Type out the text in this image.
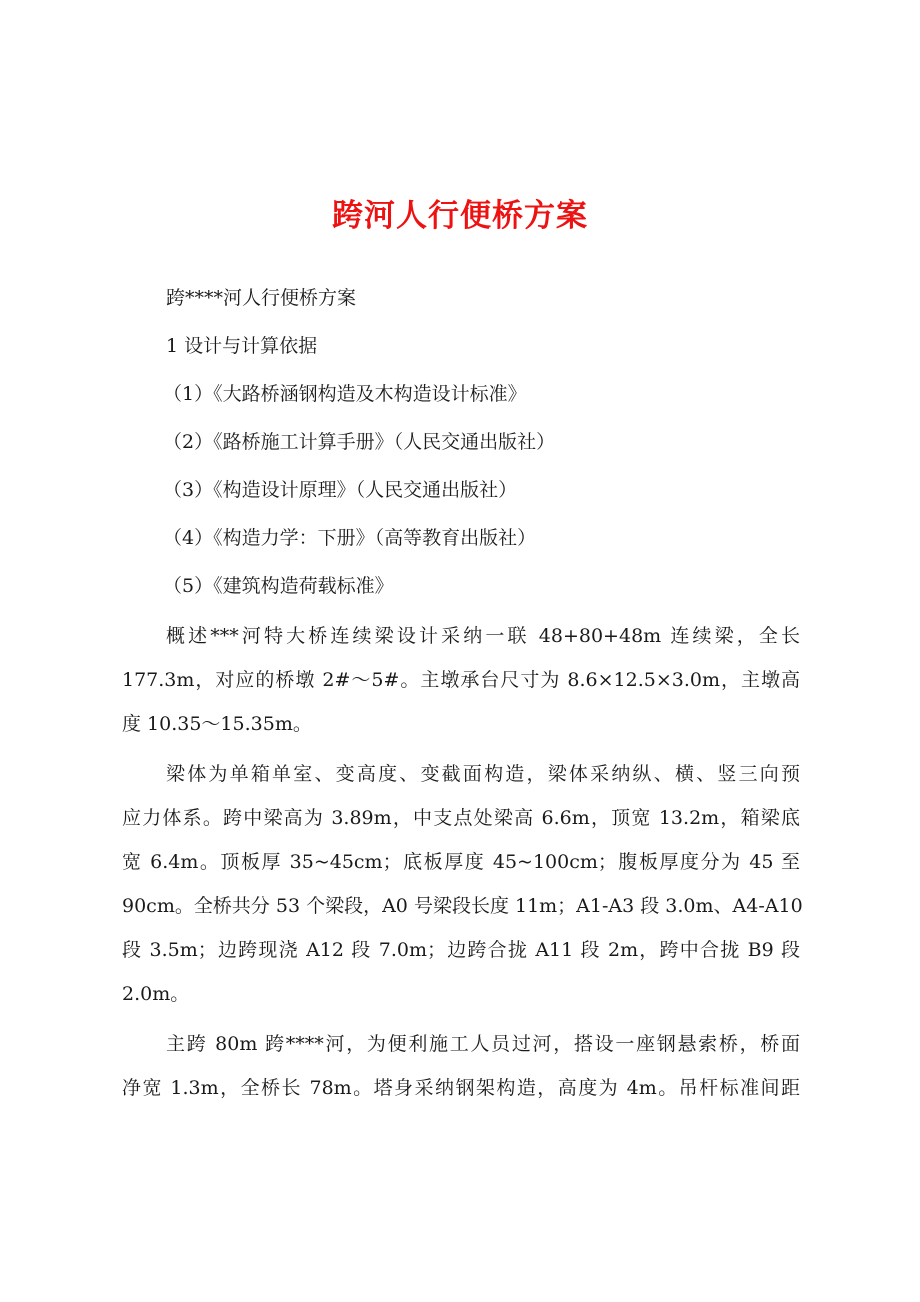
跨河人行便桥方案
跨****河人行便桥方案
1 设计与计算依据
（1）《大路桥涵钢构造及木构造设计标准》
（2）《路桥施工计算手册》（人民交通出版社）
（3）《构造设计原理》（人民交通出版社）
（4）《构造力学：下册》（高等教育出版社）
（5）《建筑构造荷载标准》
概述***河特大桥连续梁设计采纳一联 48+80+48m 连续梁，全长
177.3m，对应的桥墩 2#～5#。主墩承台尺寸为 8.6×12.5×3.0m，主墩高
度 10.35～15.35m。
梁体为单箱单室、变高度、变截面构造，梁体采纳纵、横、竖三向预
应力体系。跨中梁高为 3.89m，中支点处梁高 6.6m，顶宽 13.2m，箱梁底
宽 6.4m。顶板厚 35~45cm；底板厚度 45~100cm；腹板厚度分为 45 至
90cm。全桥共分 53 个梁段，A0 号梁段长度 11m；A1-A3 段 3.0m、A4-A10
段 3.5m；边跨现浇 A12 段 7.0m；边跨合拢 A11 段 2m，跨中合拢 B9 段
2.0m。
主跨 80m 跨****河，为便利施工人员过河，搭设一座钢悬索桥，桥面
净宽 1.3m，全桥长 78m。塔身采纳钢架构造，高度为 4m。吊杆标准间距
